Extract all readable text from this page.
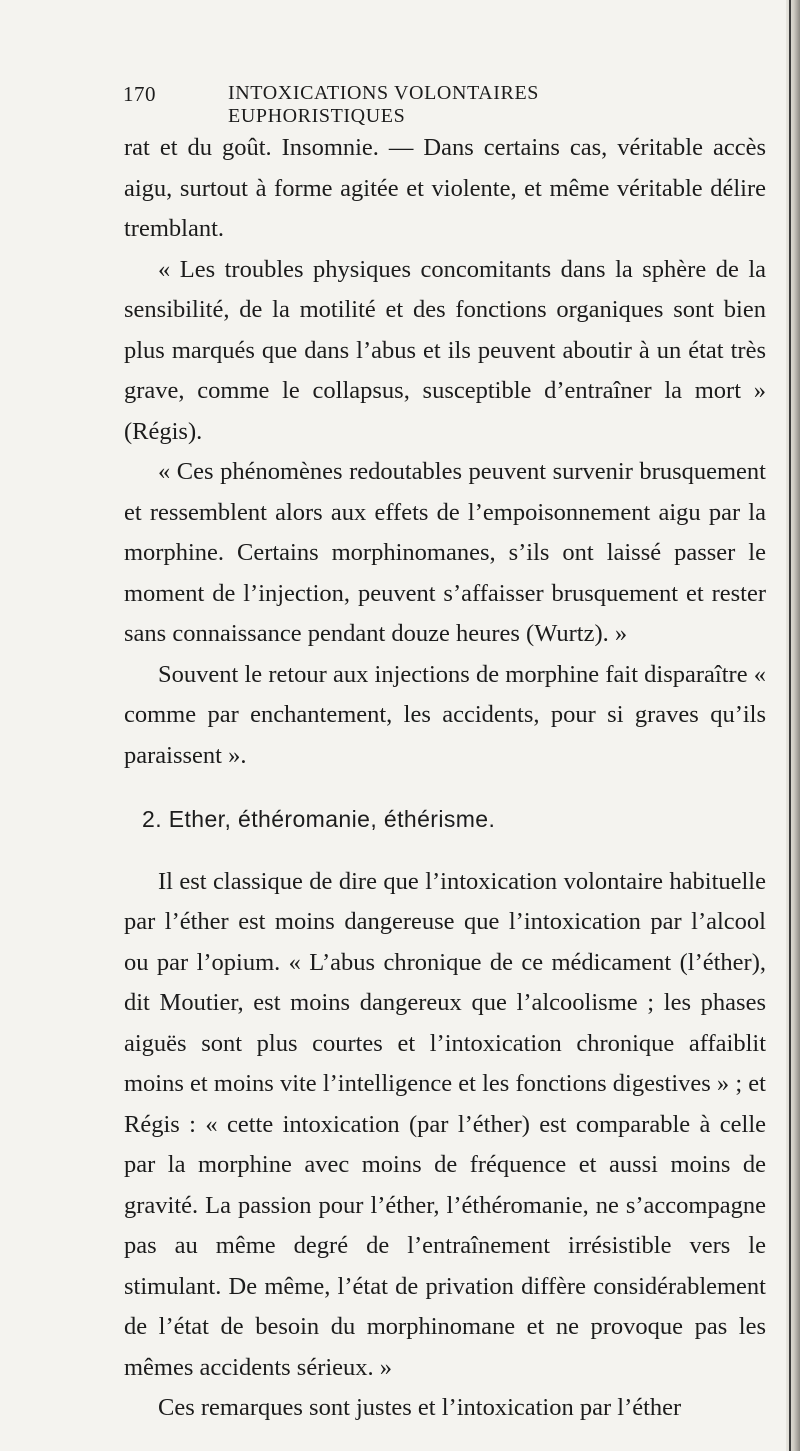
170	INTOXICATIONS VOLONTAIRES EUPHORISTIQUES

rat et du goût. Insomnie. — Dans certains cas, véritable accès aigu, surtout à forme agitée et violente, et même véritable délire tremblant.

« Les troubles physiques concomitants dans la sphère de la sensibilité, de la motilité et des fonctions organiques sont bien plus marqués que dans l’abus et ils peuvent aboutir à un état très grave, comme le collapsus, susceptible d’entraîner la mort » (Régis).

« Ces phénomènes redoutables peuvent survenir brusquement et ressemblent alors aux effets de l’empoisonnement aigu par la morphine. Certains morphinomanes, s’ils ont laissé passer le moment de l’injection, peuvent s’affaisser brusquement et rester sans connaissance pendant douze heures (Wurtz). »

Souvent le retour aux injections de morphine fait disparaître « comme par enchantement, les accidents, pour si graves qu’ils paraissent ».

2. Ether, éthéromanie, éthérisme.

Il est classique de dire que l’intoxication volontaire habituelle par l’éther est moins dangereuse que l’intoxication par l’alcool ou par l’opium. « L’abus chronique de ce médicament (l’éther), dit Moutier, est moins dangereux que l’alcoolisme ; les phases aiguës sont plus courtes et l’intoxication chronique affaiblit moins et moins vite l’intelligence et les fonctions digestives » ; et Régis : « cette intoxication (par l’éther) est comparable à celle par la morphine avec moins de fréquence et aussi moins de gravité. La passion pour l’éther, l’éthéromanie, ne s’accompagne pas au même degré de l’entraînement irrésistible vers le stimulant. De même, l’état de privation diffère considérablement de l’état de besoin du morphinomane et ne provoque pas les mêmes accidents sérieux. »

Ces remarques sont justes et l’intoxication par l’éther
